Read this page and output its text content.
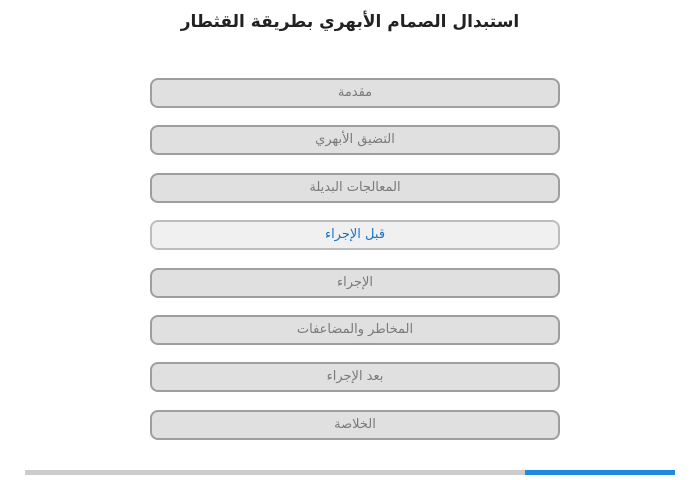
استبدال الصمام الأبهري بطريقة القثطار
مقدمة
التضيق الأبهري
المعالجات البديلة
قبل الإجراء
الإجراء
المخاطر والمضاعفات
بعد الإجراء
الخلاصة
